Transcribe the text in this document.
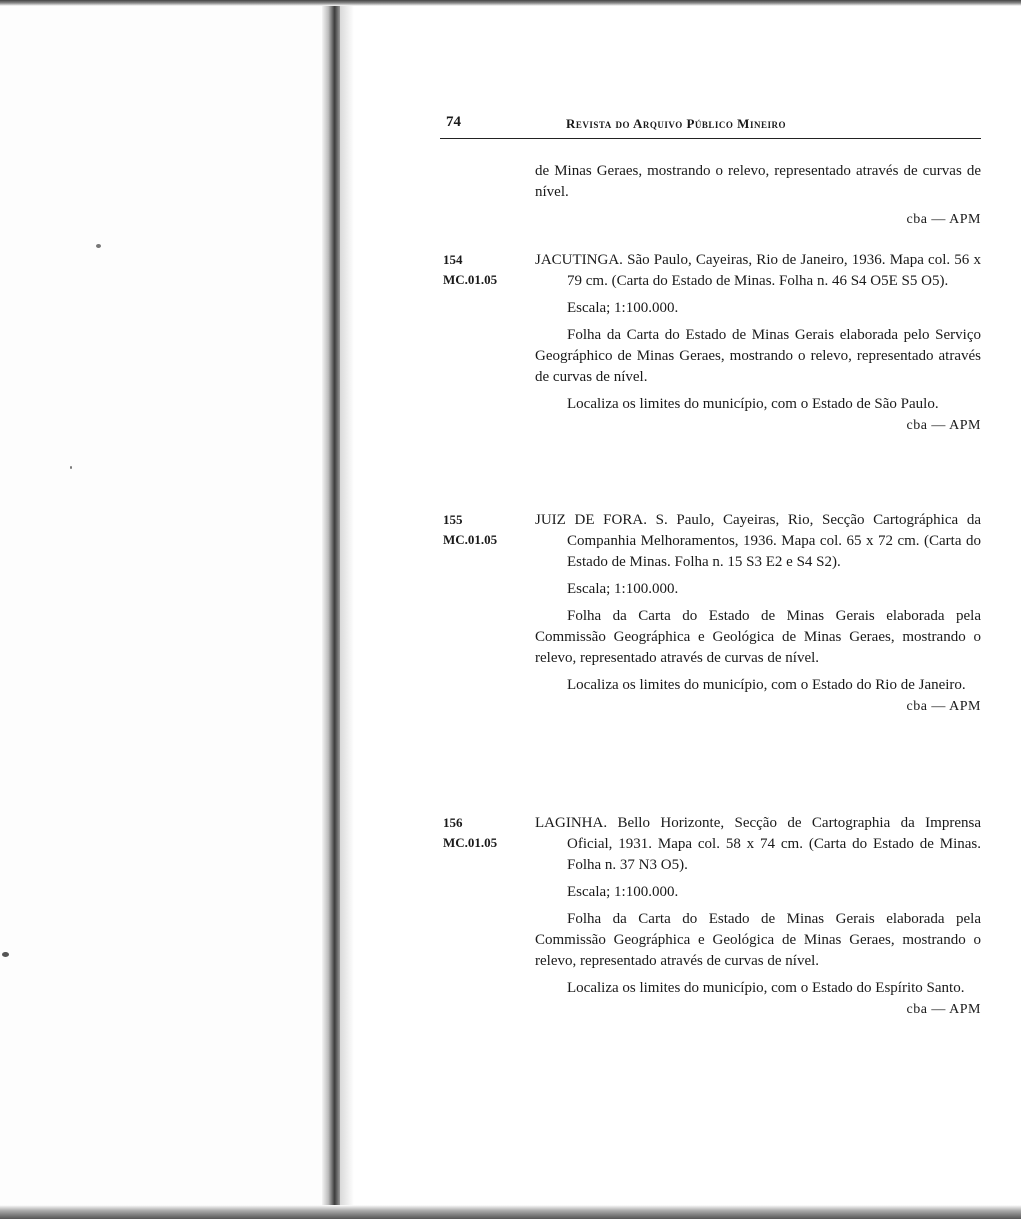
74	Revista do Arquivo Público Mineiro

de Minas Geraes, mostrando o relevo, representado através de curvas de nível.

cba — APM
154
MC.01.05

JACUTINGA. São Paulo, Cayeiras, Rio de Janeiro, 1936. Mapa col. 56 x 79 cm. (Carta do Estado de Minas. Folha n. 46 S4 O5E S5 O5).

Escala; 1:100.000.

Folha da Carta do Estado de Minas Gerais elaborada pelo Serviço Geográphico de Minas Geraes, mostrando o relevo, representado através de curvas de nível.

Localiza os limites do município, com o Estado de São Paulo.

cba — APM
155
MC.01.05

JUIZ DE FORA. S. Paulo, Cayeiras, Rio, Secção Cartográphica da Companhia Melhoramentos, 1936. Mapa col. 65 x 72 cm. (Carta do Estado de Minas. Folha n. 15 S3 E2 e S4 S2).

Escala; 1:100.000.

Folha da Carta do Estado de Minas Gerais elaborada pela Commissão Geográphica e Geológica de Minas Geraes, mostrando o relevo, representado através de curvas de nível.

Localiza os limites do município, com o Estado do Rio de Janeiro.

cba — APM
156
MC.01.05

LAGINHA. Bello Horizonte, Secção de Cartographia da Imprensa Oficial, 1931. Mapa col. 58 x 74 cm. (Carta do Estado de Minas. Folha n. 37 N3 O5).

Escala; 1:100.000.

Folha da Carta do Estado de Minas Gerais elaborada pela Commissão Geográphica e Geológica de Minas Geraes, mostrando o relevo, representado através de curvas de nível.

Localiza os limites do município, com o Estado do Espírito Santo.

cba — APM
